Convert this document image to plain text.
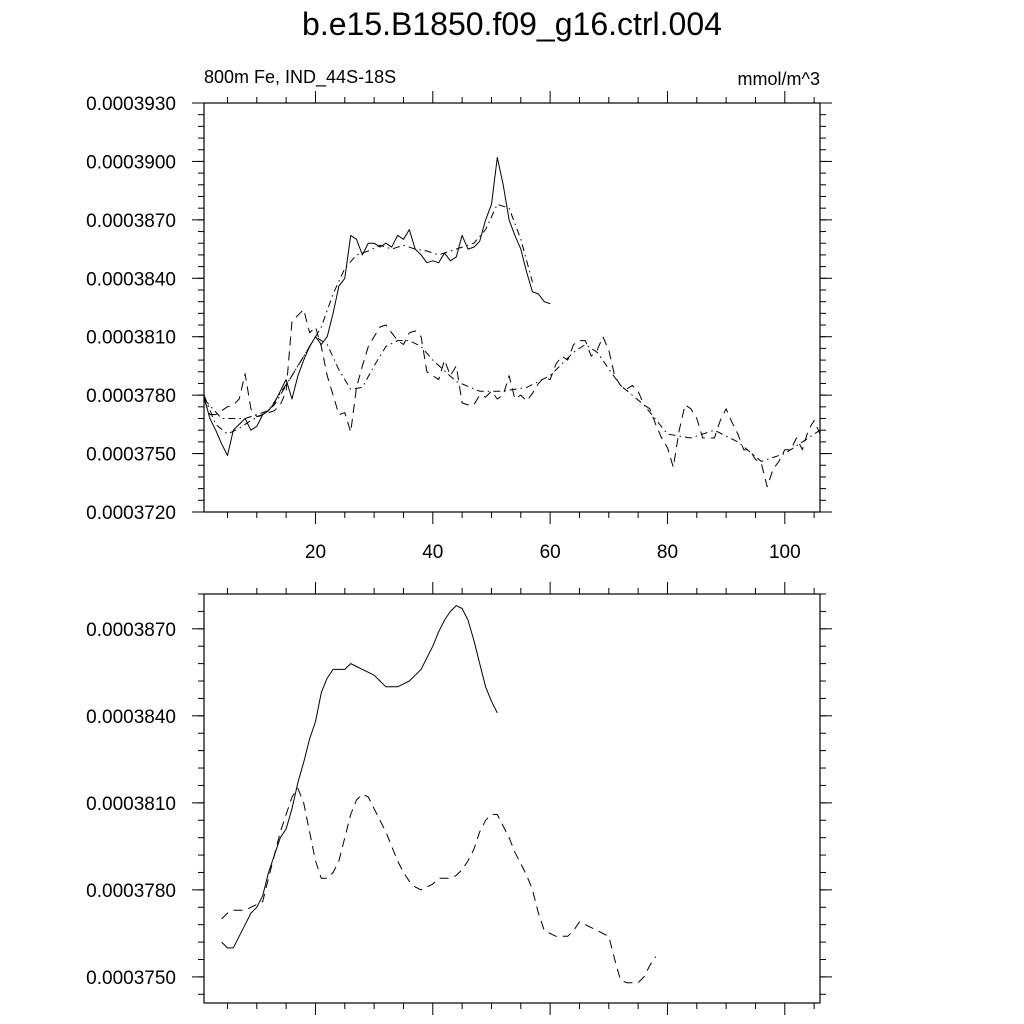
b.e15.B1850.f09_g16.ctrl.004
800m Fe, IND_44S-18S	mmol/m^3
0.0003720
0.0003750
0.0003780
0.0003810
0.0003840
0.0003870
0.0003900
0.0003930
20	40	60	80	100
0.0003750
0.0003780
0.0003810
0.0003840
0.0003870
